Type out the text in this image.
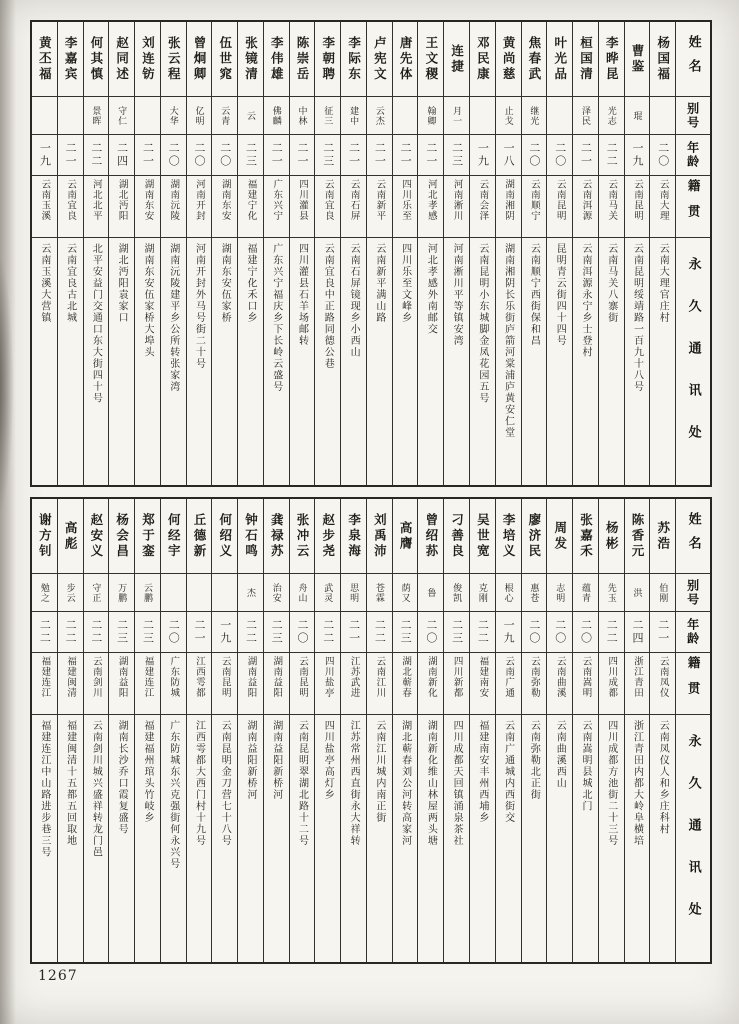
黄丕福
一九
云南玉溪
云南玉溪大营镇
李嘉宾
二一
云南宜良
云南宜良古北城
何其慎
景晖
二二
河北北平
北平安益门交通口东大街四十号
赵同述
守仁
二四
湖北沔阳
湖北沔阳袁家口
刘连钫
二一
湖南东安
湖南东安伍家桥大埠头
张云程
大华
二〇
湖南沅陵
湖南沅陵建平乡公所转张家湾
曾炯卿
亿明
二〇
河南开封
河南开封外马号街二十号
伍世窕
云青
二〇
湖南东安
湖南东安伍家桥
张镜清
云
二三
福建宁化
福建宁化禾口乡
李伟雄
佛麟
二一
广东兴宁
广东兴宁福庆乡下长岭云盛号
陈崇岳
中林
二一
四川灌县
四川灌县石羊场邮转
李朝聘
征三
二三
云南宜良
云南宜良中正路同德公巷
李际东
建中
二一
云南石屏
云南石屏镜现乡小西山
卢宪文
云杰
二一
云南新平
云南新平满山路
唐先体
二一
四川乐至
四川乐至文峰乡
王文稷
翰卿
二一
河北孝感
河北孝感外南邮交
连捷
月一
二三
河南淅川
河南淅川平等镇安湾
邓民康
一九
云南会泽
云南昆明小东城脚金凤花园五号
黄尚慈
止戈
一八
湖南湘阴
湖南湘阴长乐街庐箭河棠浦庐黄安仁堂
焦春武
继光
二〇
云南顺宁
云南顺宁西街保和昌
叶光品
二〇
云南昆明
昆明青云街四十四号
桓国清
泽民
二一
云南洱源
云南洱源永宁乡士登村
李晔昆
光志
二二
云南马关
云南马关八寨街
曹鉴
琨
一九
云南昆明
云南昆明绥靖路一百九十八号
杨国福
二〇
云南大理
云南大理官庄村
姓名
别号
年龄
籍贯
永久通讯处
谢方钊
勉之
二二
福建连江
福建连江中山路进步巷三号
高彪
步云
二二
福建闽清
福建闽清十五都五回取地
赵安义
守正
二二
云南剑川
云南剑川城兴盛祥转龙门邑
杨会昌
万鹏
二三
湖南益阳
湖南长沙乔口霞复盛号
郑于銮
云鹏
二三
福建连江
福建福州琯头竹岐乡
何经宇
二〇
广东防城
广东防城东兴克强街何永兴号
丘德新
二一
江西雩都
江西雩都大西门村十九号
何绍义
一九
云南昆明
云南昆明金刀营七十八号
钟石鸣
杰
二二
湖南益阳
湖南益阳新桥河
龚禄苏
治安
二三
湖南益阳
湖南益阳新桥河
张冲云
舟山
二〇
云南昆明
云南昆明翠湖北路十二号
赵步尧
武灵
二二
四川盐亭
四川盐亭高灯乡
李泉海
思明
二一
江苏武进
江苏常州西直街永大祥转
刘禹沛
苍霖
二二
云南江川
云南江川城内南正街
高膺
荫又
二三
湖北蕲春
湖北蕲春刘公河转高家河
曾绍荪
鲁
二〇
湖南新化
湖南新化维山林屋两头塘
刁善良
俊凯
二三
四川新都
四川成都天回镇涌泉茶社
吴世宽
克刚
二二
福建南安
福建南安丰州西埔乡
李培义
根心
一九
云南广通
云南广通城内西街交
廖济民
惠苍
二〇
云南弥勒
云南弥勒北正街
周发
志明
二〇
云南曲溪
云南曲溪西山
张嘉禾
蕴青
二〇
云南嵩明
云南嵩明县城北门
杨彬
先玉
二二
四川成都
四川成都方池街二十三号
陈香元
洪
二四
浙江青田
浙江青田内都大岭阜横培
苏浩
伯刚
二一
云南凤仪
云南凤仪人和乡庄科村
姓名
别号
年龄
籍贯
永久通讯处
1267
